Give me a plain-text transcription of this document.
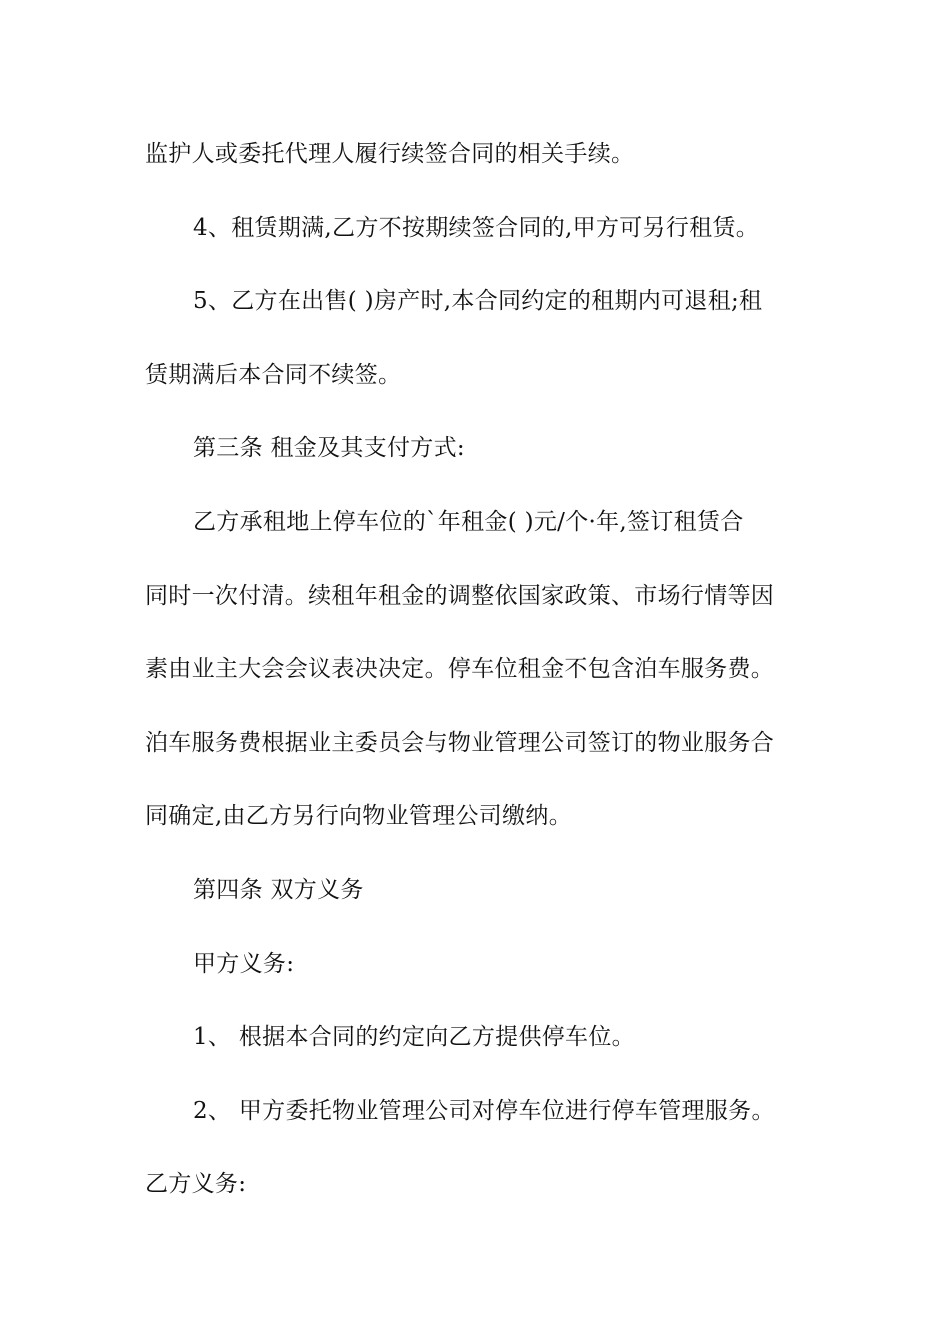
监护人或委托代理人履行续签合同的相关手续。
4、租赁期满,乙方不按期续签合同的,甲方可另行租赁。
5、乙方在出售( )房产时,本合同约定的租期内可退租;租
赁期满后本合同不续签。
第三条 租金及其支付方式:
乙方承租地上停车位的`年租金( )元/个·年,签订租赁合
同时一次付清。续租年租金的调整依国家政策、市场行情等因
素由业主大会会议表决决定。停车位租金不包含泊车服务费。
泊车服务费根据业主委员会与物业管理公司签订的物业服务合
同确定,由乙方另行向物业管理公司缴纳。
第四条 双方义务
甲方义务:
1、 根据本合同的约定向乙方提供停车位。
2、 甲方委托物业管理公司对停车位进行停车管理服务。
乙方义务:
